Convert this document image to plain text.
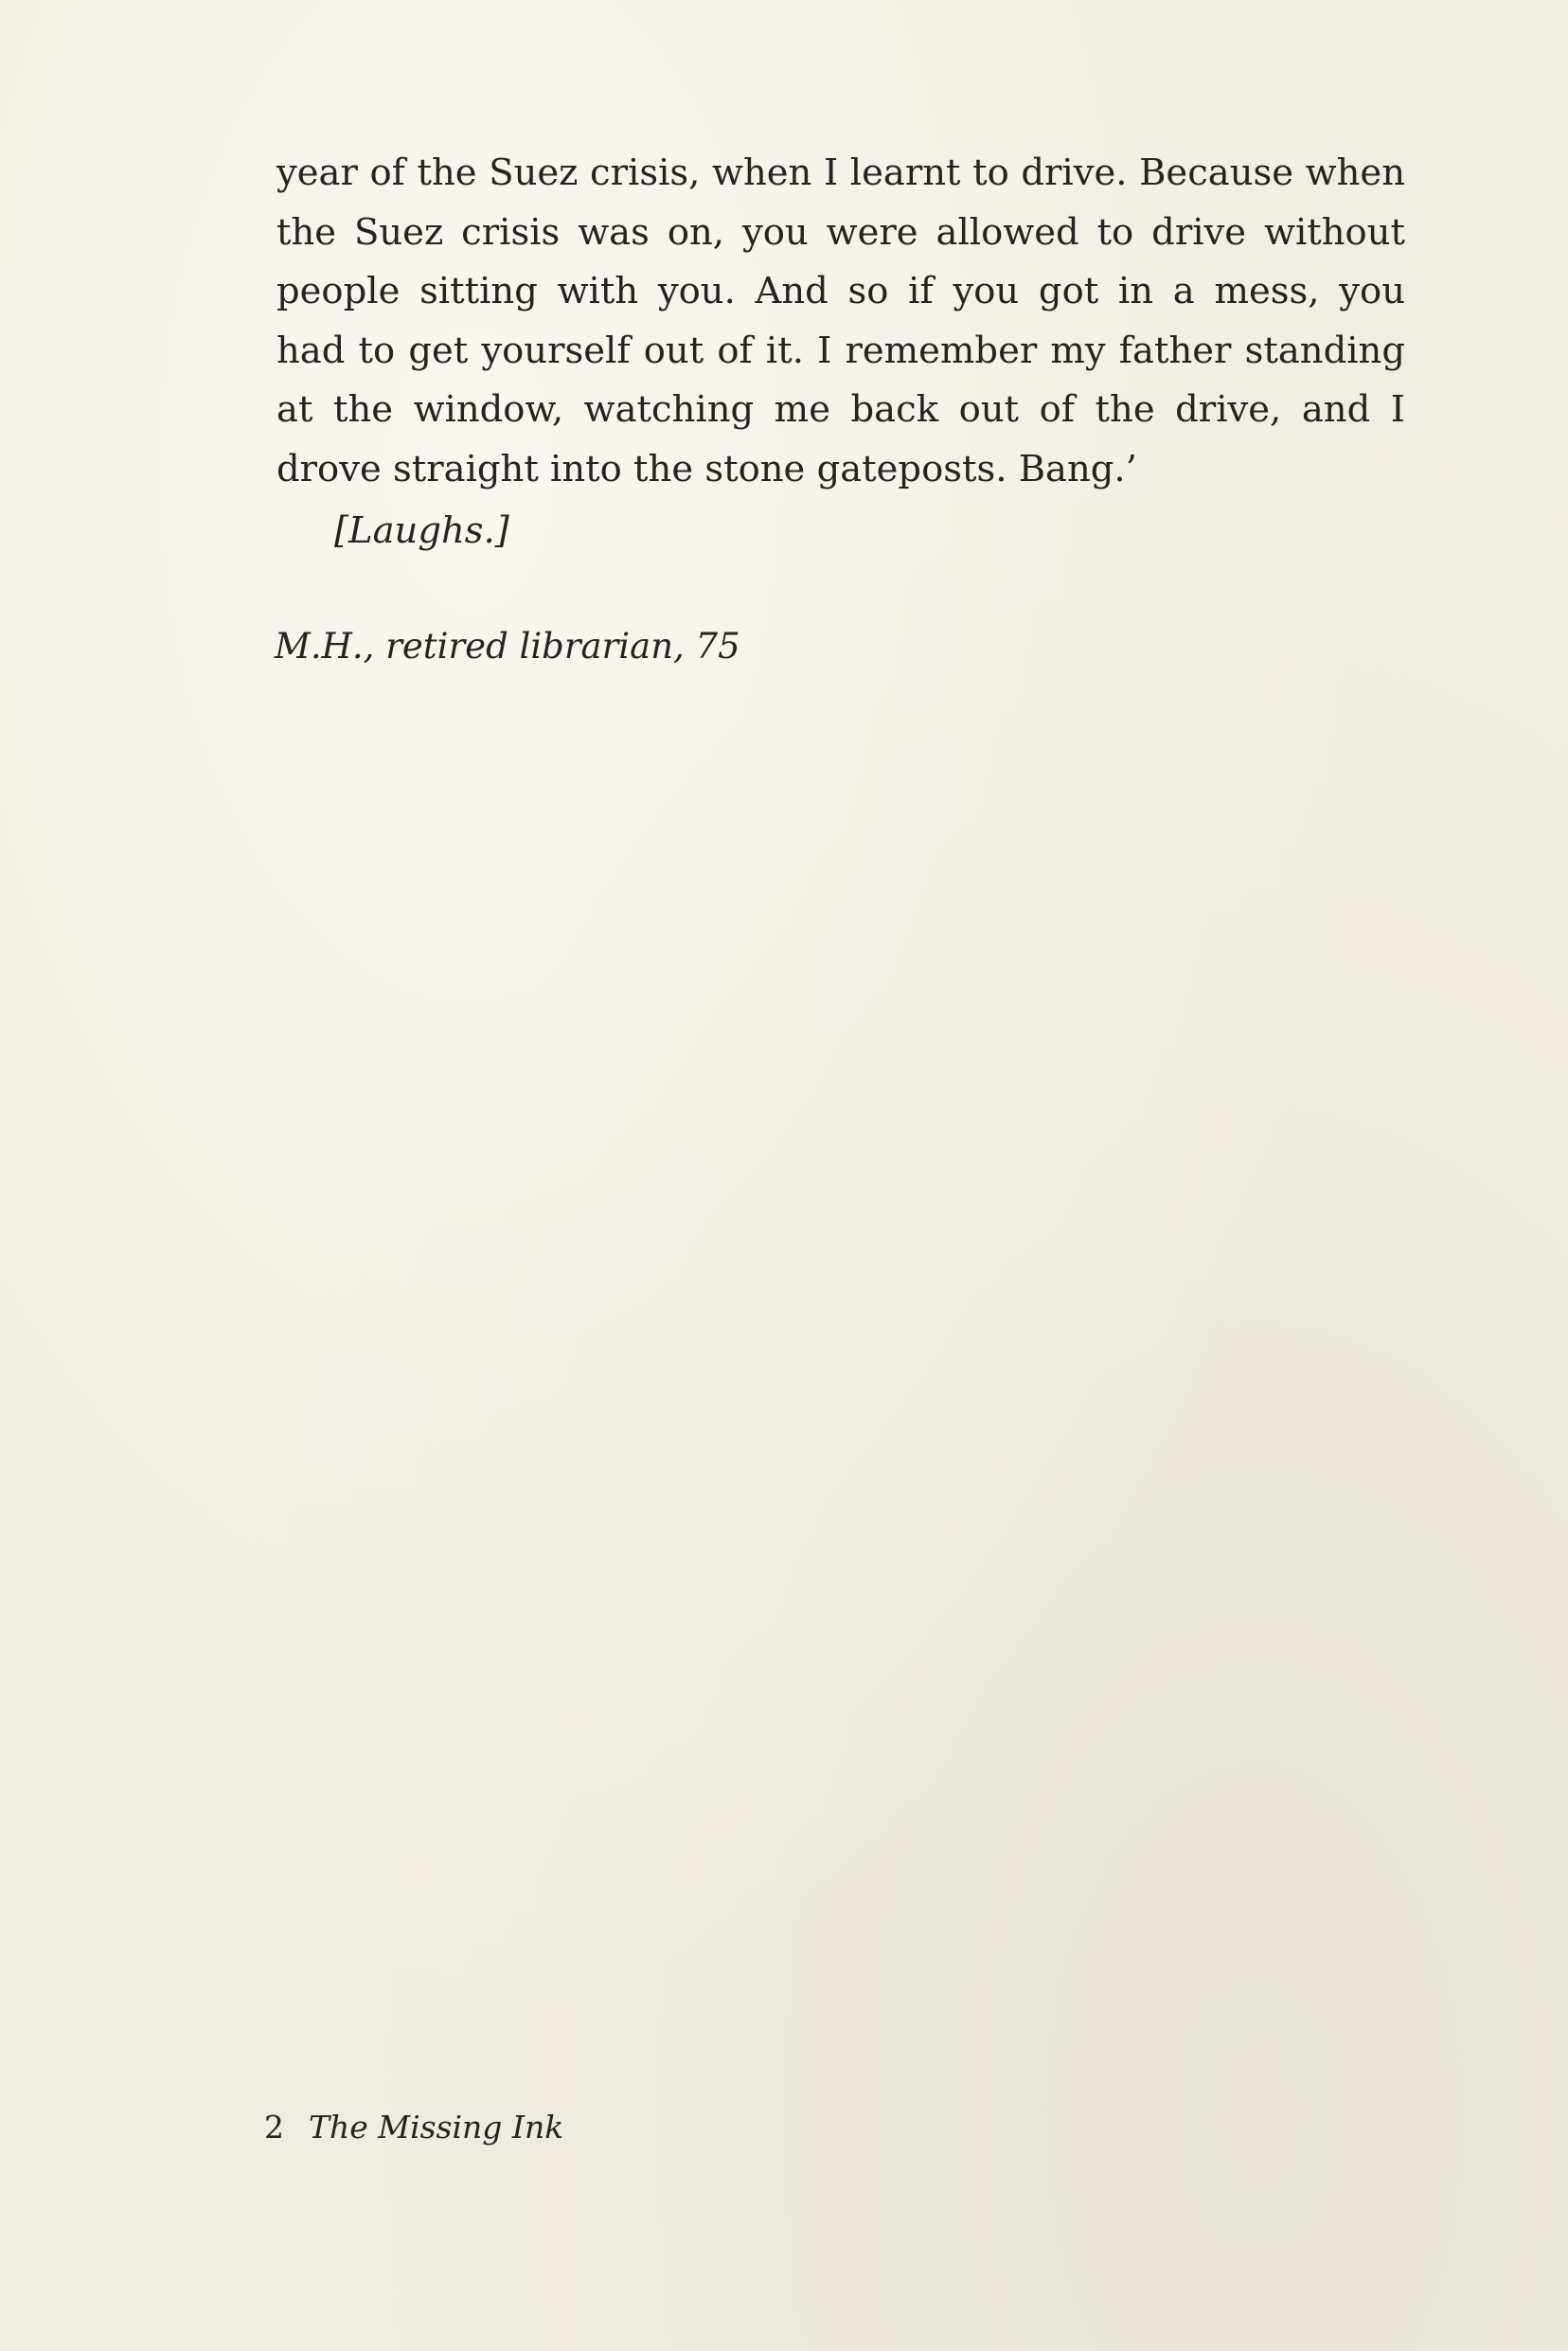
year of the Suez crisis, when I learnt to drive. Because when
the Suez crisis was on, you were allowed to drive without
people sitting with you. And so if you got in a mess, you
had to get yourself out of it. I remember my father standing
at the window, watching me back out of the drive, and I
drove straight into the stone gateposts. Bang.’
[Laughs.]
M.H., retired librarian, 75
2 The Missing Ink
